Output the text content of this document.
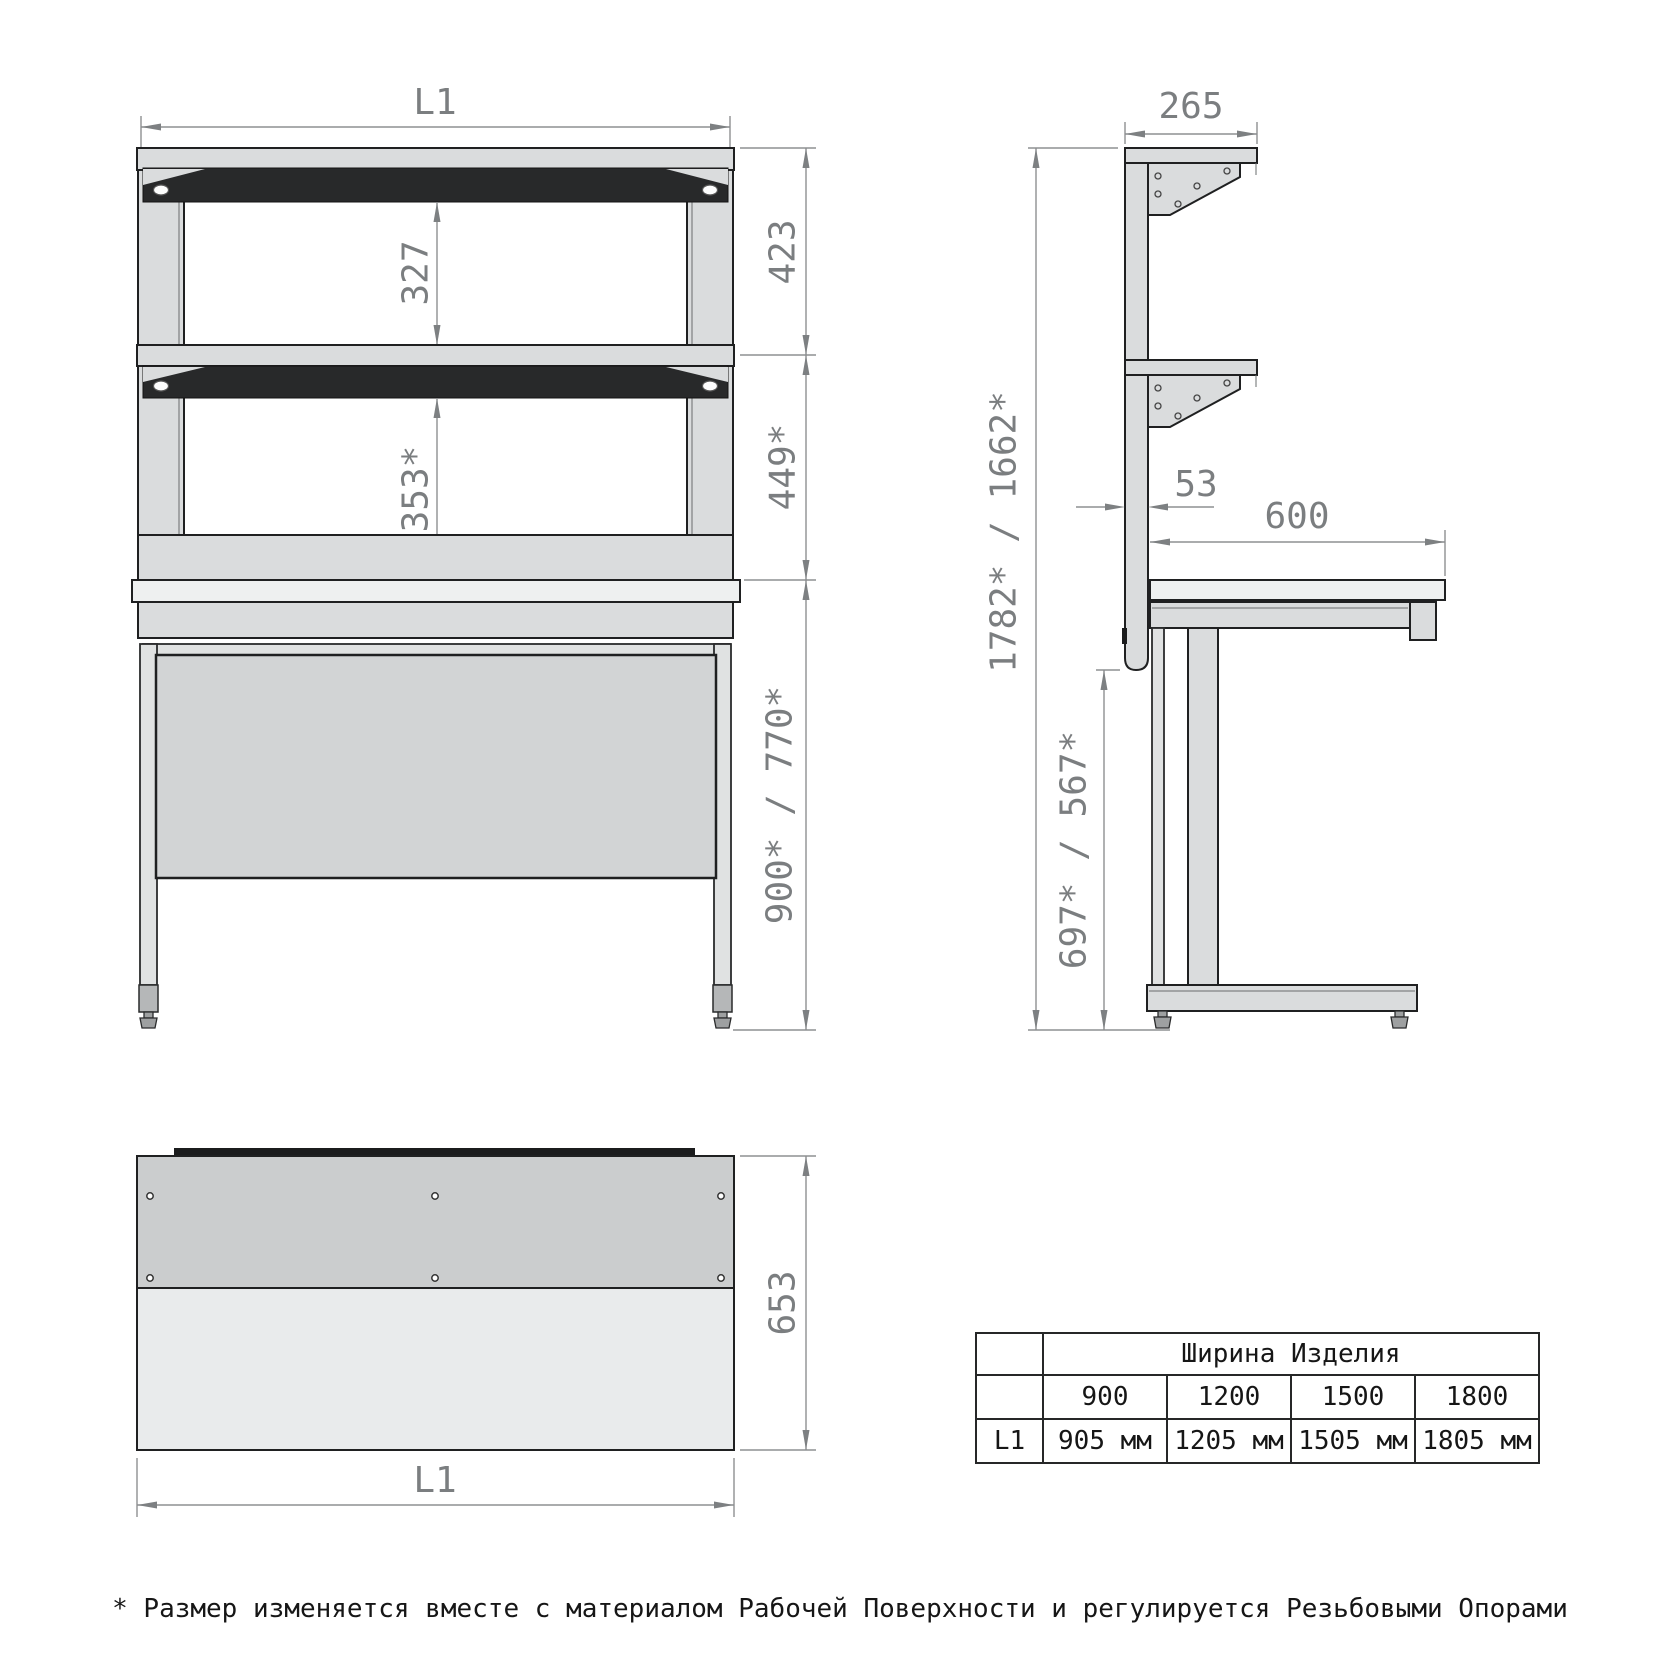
L1
327
353*
423
449*
900* / 770*
265
1782* / 1662*
697* / 567*
53
600
653
L1
	Ширина Изделия			
	900	1200	1500	1800
L1	905 мм	1205 мм	1505 мм	1805 мм
* Размер изменяется вместе с материалом Рабочей Поверхности и регулируется Резьбовыми Опорами
